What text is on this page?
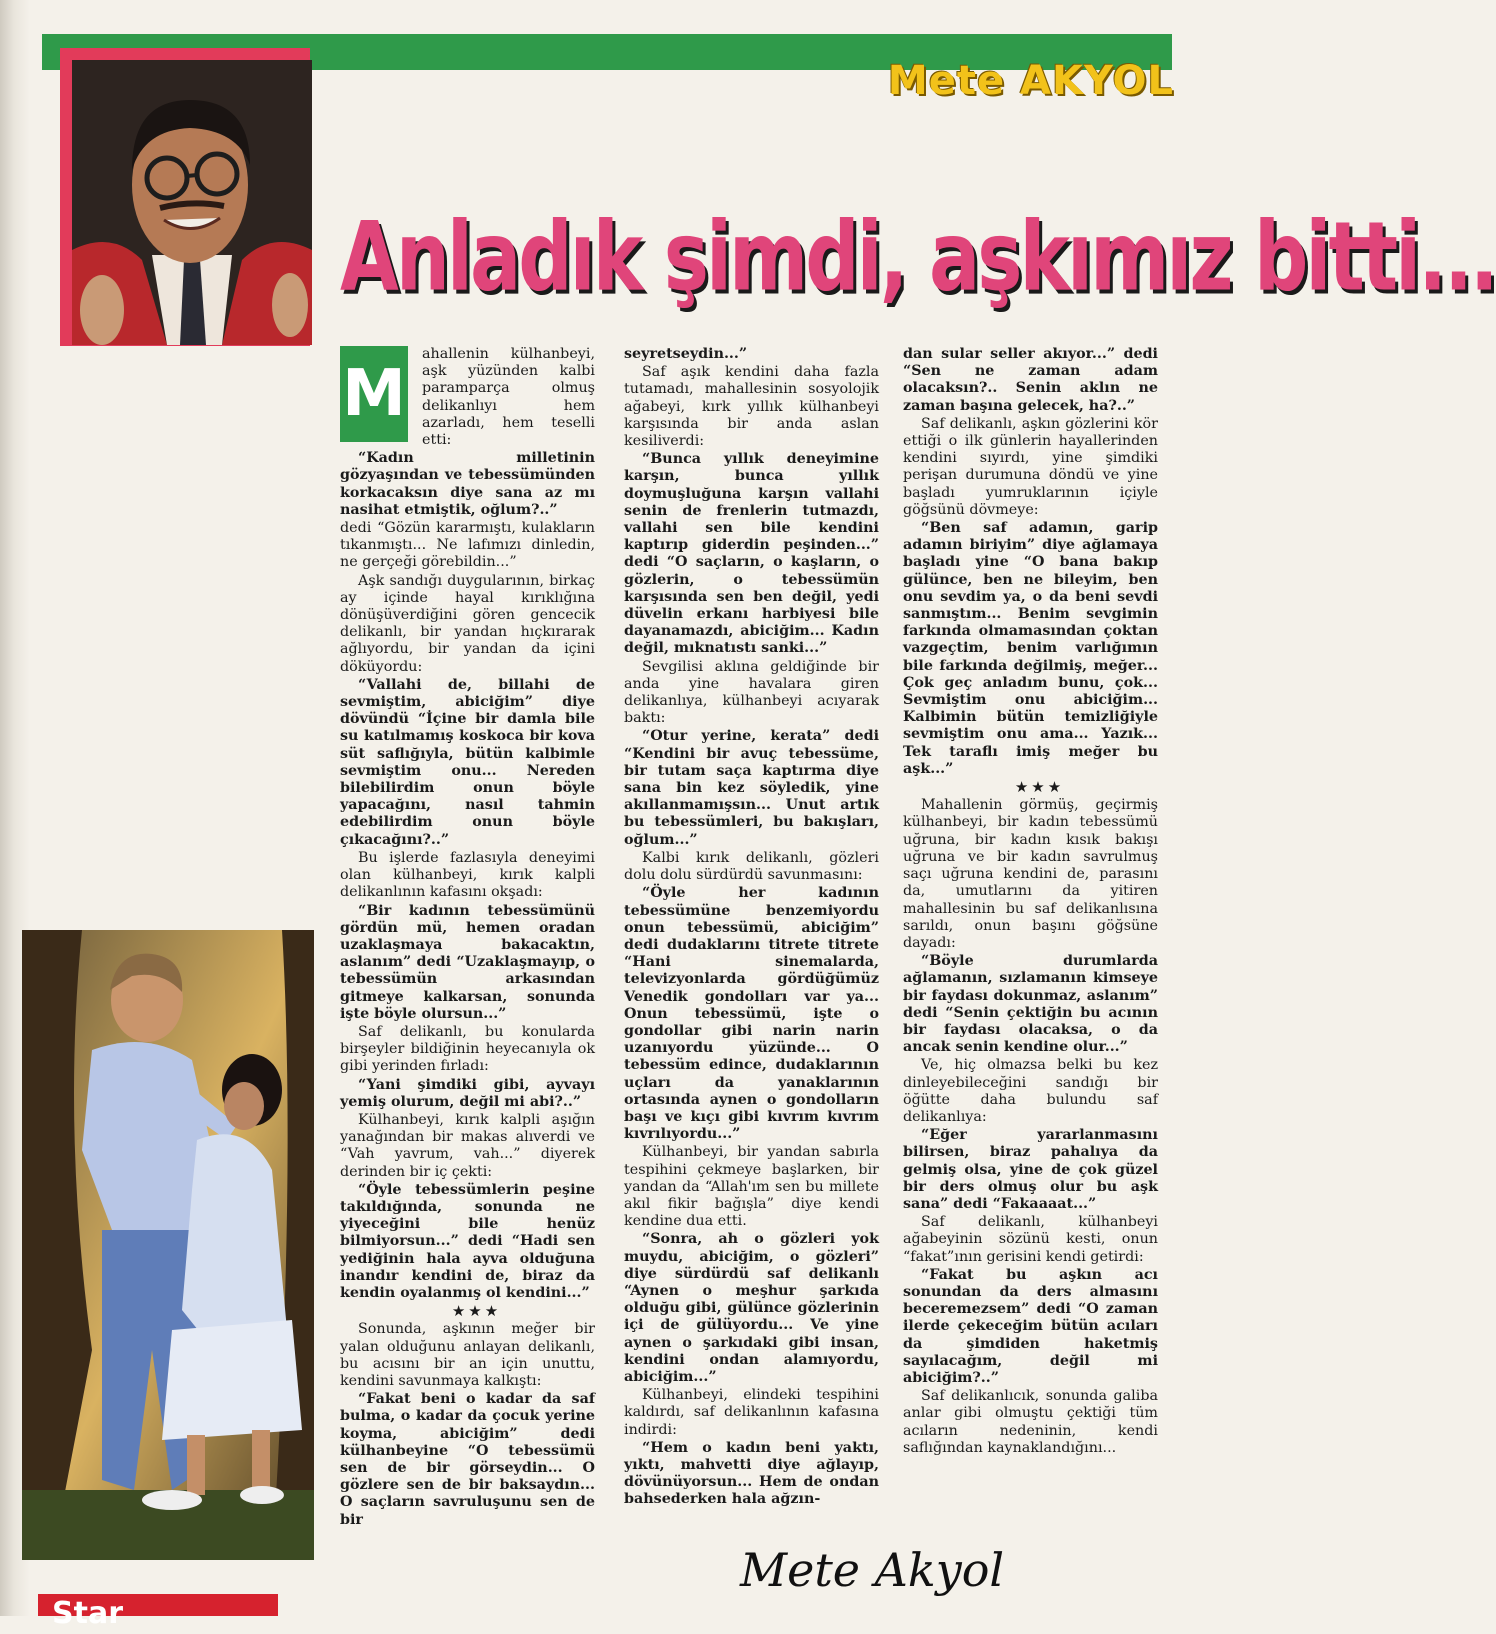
Mete AKYOL
Anladık şimdi, aşkımız bitti...
M

ahallenin külhanbeyi, aşk yüzünden kalbi paramparça olmuş delikanlıyı hem azarladı, hem teselli etti:

“Kadın milletinin gözyaşından ve tebessümünden korkacaksın diye sana az mı nasihat etmiştik, oğlum?..”

dedi “Gözün kararmıştı, kulakların tıkanmıştı... Ne lafımızı dinledin, ne gerçeği görebildin...”

Aşk sandığı duygularının, birkaç ay içinde hayal kırıklığına dönüşüverdiğini gören gencecik delikanlı, bir yandan hıçkırarak ağlıyordu, bir yandan da içini döküyordu:

“Vallahi de, billahi de sevmiştim, abiciğim” diye dövündü “İçine bir damla bile su katılmamış koskoca bir kova süt saflığıyla, bütün kalbimle sevmiştim onu... Nereden bilebilirdim onun böyle yapacağını, nasıl tahmin edebilirdim onun böyle çıkacağını?..”

Bu işlerde fazlasıyla deneyimi olan külhanbeyi, kırık kalpli delikanlının kafasını okşadı:

“Bir kadının tebessümünü gördün mü, hemen oradan uzaklaşmaya bakacaktın, aslanım” dedi “Uzaklaşmayıp, o tebessümün arkasından gitmeye kalkarsan, sonunda işte böyle olursun...”

Saf delikanlı, bu konularda birşeyler bildiğinin heyecanıyla ok gibi yerinden fırladı:

“Yani şimdiki gibi, ayvayı yemiş olurum, değil mi abi?..”

Külhanbeyi, kırık kalpli aşığın yanağından bir makas alıverdi ve “Vah yavrum, vah...” diyerek derinden bir iç çekti:

“Öyle tebessümlerin peşine takıldığında, sonunda ne yiyeceğini bile henüz bilmiyorsun...” dedi “Hadi sen yediğinin hala ayva olduğuna inandır kendini de, biraz da kendin oyalanmış ol kendini...”

★★★

Sonunda, aşkının meğer bir yalan olduğunu anlayan delikanlı, bu acısını bir an için unuttu, kendini savunmaya kalkıştı:

“Fakat beni o kadar da saf bulma, o kadar da çocuk yerine koyma, abiciğim” dedi külhanbeyine “O tebessümü sen de bir görseydin... O gözlere sen de bir baksaydın... O saçların savruluşunu sen de bir

seyretseydin...”

Saf aşık kendini daha fazla tutamadı, mahallesinin sosyolojik ağabeyi, kırk yıllık külhanbeyi karşısında bir anda aslan kesiliverdi:

“Bunca yıllık deneyimine karşın, bunca yıllık doymuşluğuna karşın vallahi senin de frenlerin tutmazdı, vallahi sen bile kendini kaptırıp giderdin peşinden...” dedi “O saçların, o kaşların, o gözlerin, o tebessümün karşısında sen ben değil, yedi düvelin erkanı harbiyesi bile dayanamazdı, abiciğim... Kadın değil, mıknatıstı sanki...”

Sevgilisi aklına geldiğinde bir anda yine havalara giren delikanlıya, külhanbeyi acıyarak baktı:

“Otur yerine, kerata” dedi “Kendini bir avuç tebessüme, bir tutam saça kaptırma diye sana bin kez söyledik, yine akıllanmamışsın... Unut artık bu tebessümleri, bu bakışları, oğlum...”

Kalbi kırık delikanlı, gözleri dolu dolu sürdürdü savunmasını:

“Öyle her kadının tebessümüne benzemiyordu onun tebessümü, abiciğim” dedi dudaklarını titrete titrete “Hani sinemalarda, televizyonlarda gördüğümüz Venedik gondolları var ya... Onun tebessümü, işte o gondollar gibi narin narin uzanıyordu yüzünde... O tebessüm edince, dudaklarının uçları da yanaklarının ortasında aynen o gondolların başı ve kıçı gibi kıvrım kıvrım kıvrılıyordu...”

Külhanbeyi, bir yandan sabırla tespihini çekmeye başlarken, bir yandan da “Allah'ım sen bu millete akıl fikir bağışla” diye kendi kendine dua etti.

“Sonra, ah o gözleri yok muydu, abiciğim, o gözleri” diye sürdürdü saf delikanlı “Aynen o meşhur şarkıda olduğu gibi, gülünce gözlerinin içi de gülüyordu... Ve yine aynen o şarkıdaki gibi insan, kendini ondan alamıyordu, abiciğim...”

Külhanbeyi, elindeki tespihini kaldırdı, saf delikanlının kafasına indirdi:

“Hem o kadın beni yaktı, yıktı, mahvetti diye ağlayıp, dövünüyorsun... Hem de ondan bahsederken hala ağzın-

dan sular seller akıyor...” dedi “Sen ne zaman adam olacaksın?.. Senin aklın ne zaman başına gelecek, ha?..”

Saf delikanlı, aşkın gözlerini kör ettiği o ilk günlerin hayallerinden kendini sıyırdı, yine şimdiki perişan durumuna döndü ve yine başladı yumruklarının içiyle göğsünü dövmeye:

“Ben saf adamın, garip adamın biriyim” diye ağlamaya başladı yine “O bana bakıp gülünce, ben ne bileyim, ben onu sevdim ya, o da beni sevdi sanmıştım... Benim sevgimin farkında olmamasından çoktan vazgeçtim, benim varlığımın bile farkında değilmiş, meğer... Çok geç anladım bunu, çok... Sevmiştim onu abiciğim... Kalbimin bütün temizliğiyle sevmiştim onu ama... Yazık... Tek taraflı imiş meğer bu aşk...”

★★★

Mahallenin görmüş, geçirmiş külhanbeyi, bir kadın tebessümü uğruna, bir kadın kısık bakışı uğruna ve bir kadın savrulmuş saçı uğruna kendini de, parasını da, umutlarını da yitiren mahallesinin bu saf delikanlısına sarıldı, onun başını göğsüne dayadı:

“Böyle durumlarda ağlamanın, sızlamanın kimseye bir faydası dokunmaz, aslanım” dedi “Senin çektiğin bu acının bir faydası olacaksa, o da ancak senin kendine olur...”

Ve, hiç olmazsa belki bu kez dinleyebileceğini sandığı bir öğütte daha bulundu saf delikanlıya:

“Eğer yararlanmasını bilirsen, biraz pahalıya da gelmiş olsa, yine de çok güzel bir ders olmuş olur bu aşk sana” dedi “Fakaaaat...”

Saf delikanlı, külhanbeyi ağabeyinin sözünü kesti, onun “fakat”ının gerisini kendi getirdi:

“Fakat bu aşkın acı sonundan da ders almasını beceremezsem” dedi “O zaman ilerde çekeceğim bütün acıları da şimdiden haketmiş sayılacağım, değil mi abiciğim?..”

Saf delikanlıcık, sonunda galiba anlar gibi olmuştu çektiği tüm acıların nedeninin, kendi saflığından kaynaklandığını...

Mete Akyol
Star
